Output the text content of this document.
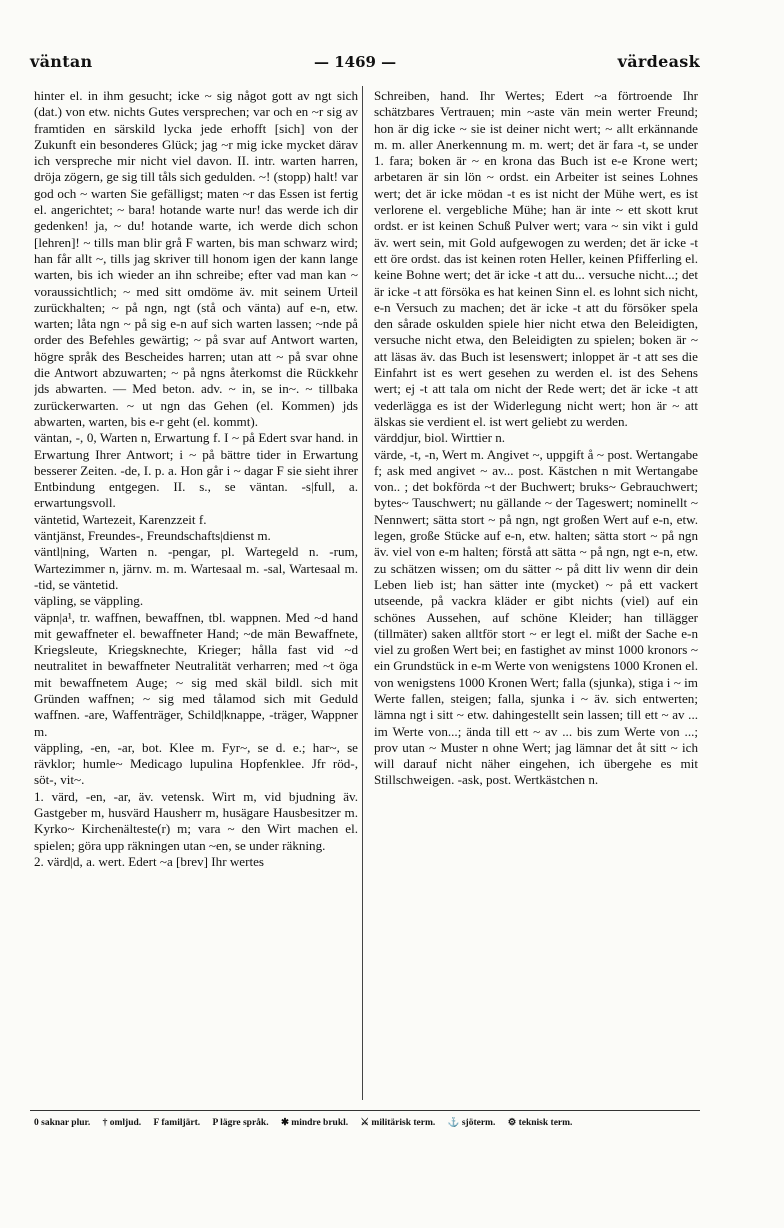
väntan	— 1469 —	värdeask

hinter el. in ihm gesucht; icke ~ sig något gott av ngt sich (dat.) von etw. nichts Gutes versprechen; var och en ~r sig av framtiden en särskild lycka jede erhofft [sich] von der Zukunft ein besonderes Glück; jag ~r mig icke mycket därav ich verspreche mir nicht viel davon. II. intr. warten harren, dröja zögern, ge sig till tåls sich gedulden. ~! (stopp) halt! var god och ~ warten Sie gefälligst; maten ~r das Essen ist fertig el. angerichtet; ~ bara! hotande warte nur! das werde ich dir gedenken! ja, ~ du! hotande warte, ich werde dich schon [lehren]! ~ tills man blir grå F warten, bis man schwarz wird; han får allt ~, tills jag skriver till honom igen der kann lange warten, bis ich wieder an ihn schreibe; efter vad man kan ~ voraussichtlich; ~ med sitt omdöme äv. mit seinem Urteil zurückhalten; ~ på ngn, ngt (stå och vänta) auf e-n, etw. warten; låta ngn ~ på sig e-n auf sich warten lassen; ~nde på order des Befehles gewärtig; ~ på svar auf Antwort warten, högre språk des Bescheides harren; utan att ~ på svar ohne die Antwort abzuwarten; ~ på ngns återkomst die Rückkehr jds abwarten. — Med beton. adv. ~ in, se in~. ~ tillbaka zurückerwarten. ~ ut ngn das Gehen (el. Kommen) jds abwarten, warten, bis e-r geht (el. kommt).

väntan, -, 0, Warten n, Erwartung f. I ~ på Edert svar hand. in Erwartung Ihrer Antwort; i ~ på bättre tider in Erwartung besserer Zeiten. -de, I. p. a. Hon går i ~ dagar F sie sieht ihrer Entbindung entgegen. II. s., se väntan. -s|full, a. erwartungsvoll.

väntetid, Wartezeit, Karenzzeit f.

väntjänst, Freundes-, Freundschafts|dienst m.

väntl|ning, Warten n. -pengar, pl. Wartegeld n. -rum, Wartezimmer n, järnv. m. m. Wartesaal m. -sal, Wartesaal m. -tid, se väntetid.

väpling, se väppling.

väpn|a¹, tr. waffnen, bewaffnen, tbl. wappnen. Med ~d hand mit gewaffneter el. bewaffneter Hand; ~de män Bewaffnete, Kriegsleute, Kriegsknechte, Krieger; hålla fast vid ~d neutralitet in bewaffneter Neutralität verharren; med ~t öga mit bewaffnetem Auge; ~ sig med skäl bildl. sich mit Gründen waffnen; ~ sig med tålamod sich mit Geduld waffnen. -are, Waffenträger, Schild|knappe, -träger, Wappner m.

väppling, -en, -ar, bot. Klee m. Fyr~, se d. e.; har~, se rävklor; humle~ Medicago lupulina Hopfenklee. Jfr röd-, söt-, vit~.

1. värd, -en, -ar, äv. vetensk. Wirt m, vid bjudning äv. Gastgeber m, husvärd Hausherr m, husägare Hausbesitzer m. Kyrko~ Kirchenälteste(r) m; vara ~ den Wirt machen el. spielen; göra upp räkningen utan ~en, se under räkning.

2. värd|d, a. wert. Edert ~a [brev] Ihr wertes

Schreiben, hand. Ihr Wertes; Edert ~a förtroende Ihr schätzbares Vertrauen; min ~aste vän mein werter Freund; hon är dig icke ~ sie ist deiner nicht wert; ~ allt erkännande m. m. aller Anerkennung m. m. wert; det är fara -t, se under 1. fara; boken är ~ en krona das Buch ist e-e Krone wert; arbetaren är sin lön ~ ordst. ein Arbeiter ist seines Lohnes wert; det är icke mödan -t es ist nicht der Mühe wert, es ist verlorene el. vergebliche Mühe; han är inte ~ ett skott krut ordst. er ist keinen Schuß Pulver wert; vara ~ sin vikt i guld äv. wert sein, mit Gold aufgewogen zu werden; det är icke -t ett öre ordst. das ist keinen roten Heller, keinen Pfifferling el. keine Bohne wert; det är icke -t att du... versuche nicht...; det är icke -t att försöka es hat keinen Sinn el. es lohnt sich nicht, e-n Versuch zu machen; det är icke -t att du försöker spela den sårade oskulden spiele hier nicht etwa den Beleidigten, versuche nicht etwa, den Beleidigten zu spielen; boken är ~ att läsas äv. das Buch ist lesenswert; inloppet är -t att ses die Einfahrt ist es wert gesehen zu werden el. ist des Sehens wert; ej -t att tala om nicht der Rede wert; det är icke -t att vederlägga es ist der Widerlegung nicht wert; hon är ~ att älskas sie verdient el. ist wert geliebt zu werden.

värddjur, biol. Wirttier n.

värde, -t, -n, Wert m. Angivet ~, uppgift å ~ post. Wertangabe f; ask med angivet ~ av... post. Kästchen n mit Wertangabe von.. ; det bokförda ~t der Buchwert; bruks~ Gebrauchwert; bytes~ Tauschwert; nu gällande ~ der Tageswert; nominellt ~ Nennwert; sätta stort ~ på ngn, ngt großen Wert auf e-n, etw. legen, große Stücke auf e-n, etw. halten; sätta stort ~ på ngn äv. viel von e-m halten; förstå att sätta ~ på ngn, ngt e-n, etw. zu schätzen wissen; om du sätter ~ på ditt liv wenn dir dein Leben lieb ist; han sätter inte (mycket) ~ på ett vackert utseende, på vackra kläder er gibt nichts (viel) auf ein schönes Aussehen, auf schöne Kleider; han tillägger (tillmäter) saken alltför stort ~ er legt el. mißt der Sache e-n viel zu großen Wert bei; en fastighet av minst 1000 kronors ~ ein Grundstück in e-m Werte von wenigstens 1000 Kronen el. von wenigstens 1000 Kronen Wert; falla (sjunka), stiga i ~ im Werte fallen, steigen; falla, sjunka i ~ äv. sich entwerten; lämna ngt i sitt ~ etw. dahingestellt sein lassen; till ett ~ av ... im Werte von...; ända till ett ~ av ... bis zum Werte von ...; prov utan ~ Muster n ohne Wert; jag lämnar det åt sitt ~ ich will darauf nicht näher eingehen, ich übergehe es mit Stillschweigen. -ask, post. Wertkästchen n.

0 saknar plur. † omljud. F familjärt. P lägre språk. ✱ mindre brukl. ⚔ militärisk term. ⚓ sjöterm. ⚙ teknisk term.
